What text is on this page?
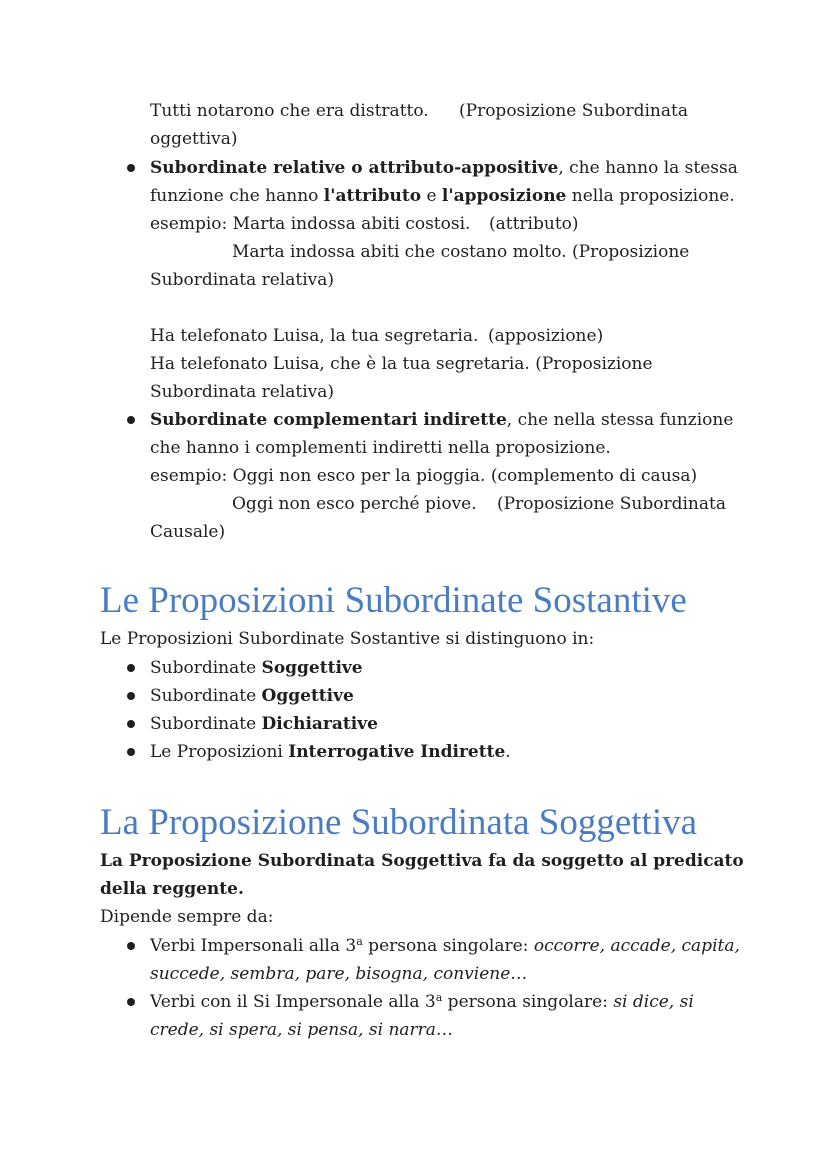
Tutti notarono che era distratto. (Proposizione Subordinata
oggettiva)
Subordinate relative o attributo-appositive, che hanno la stessa
funzione che hanno l'attributo e l'apposizione nella proposizione.
esempio: Marta indossa abiti costosi. (attributo)
Marta indossa abiti che costano molto. (Proposizione
Subordinata relativa)
Ha telefonato Luisa, la tua segretaria. (apposizione)
Ha telefonato Luisa, che è la tua segretaria. (Proposizione
Subordinata relativa)
Subordinate complementari indirette, che nella stessa funzione
che hanno i complementi indiretti nella proposizione.
esempio: Oggi non esco per la pioggia. (complemento di causa)
Oggi non esco perché piove. (Proposizione Subordinata
Causale)
Le Proposizioni Subordinate Sostantive
Le Proposizioni Subordinate Sostantive si distinguono in:
Subordinate Soggettive
Subordinate Oggettive
Subordinate Dichiarative
Le Proposizioni Interrogative Indirette.
La Proposizione Subordinata Soggettiva
La Proposizione Subordinata Soggettiva fa da soggetto al predicato
della reggente.
Dipende sempre da:
Verbi Impersonali alla 3$^a$ persona singolare: occorre, accade, capita,
succede, sembra, pare, bisogna, conviene…
Verbi con il Si Impersonale alla 3$^a$ persona singolare: si dice, si
crede, si spera, si pensa, si narra…
